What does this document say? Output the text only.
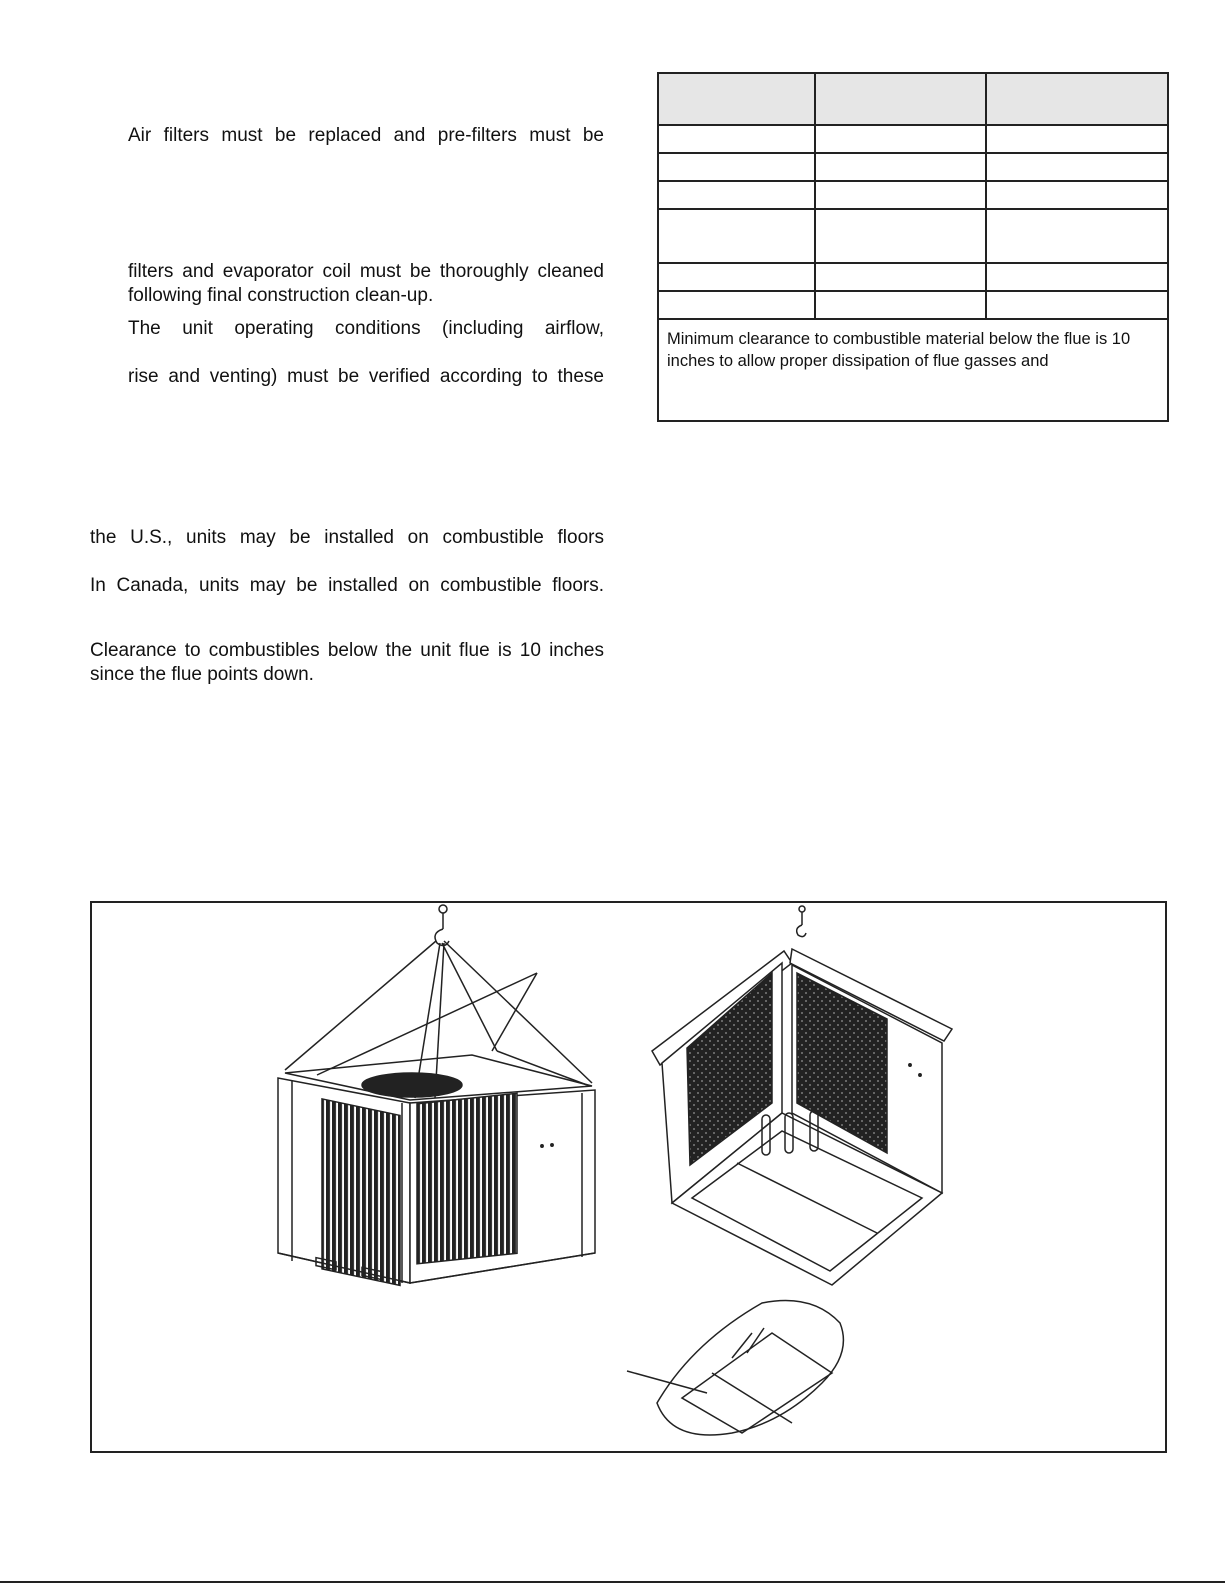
Air filters must be replaced and pre-filters must be

filters and evaporator coil must be thoroughly cleaned following final construction clean-up.

The unit operating conditions (including airflow,

rise and venting) must be verified according to these

the U.S., units may be installed on combustible floors

In Canada, units may be installed on combustible floors.

Clearance to combustibles below the unit flue is 10 inches since the flue points down.

Minimum clearance to combustible material below the flue is 10 inches to allow proper dissipation of flue gasses and		
